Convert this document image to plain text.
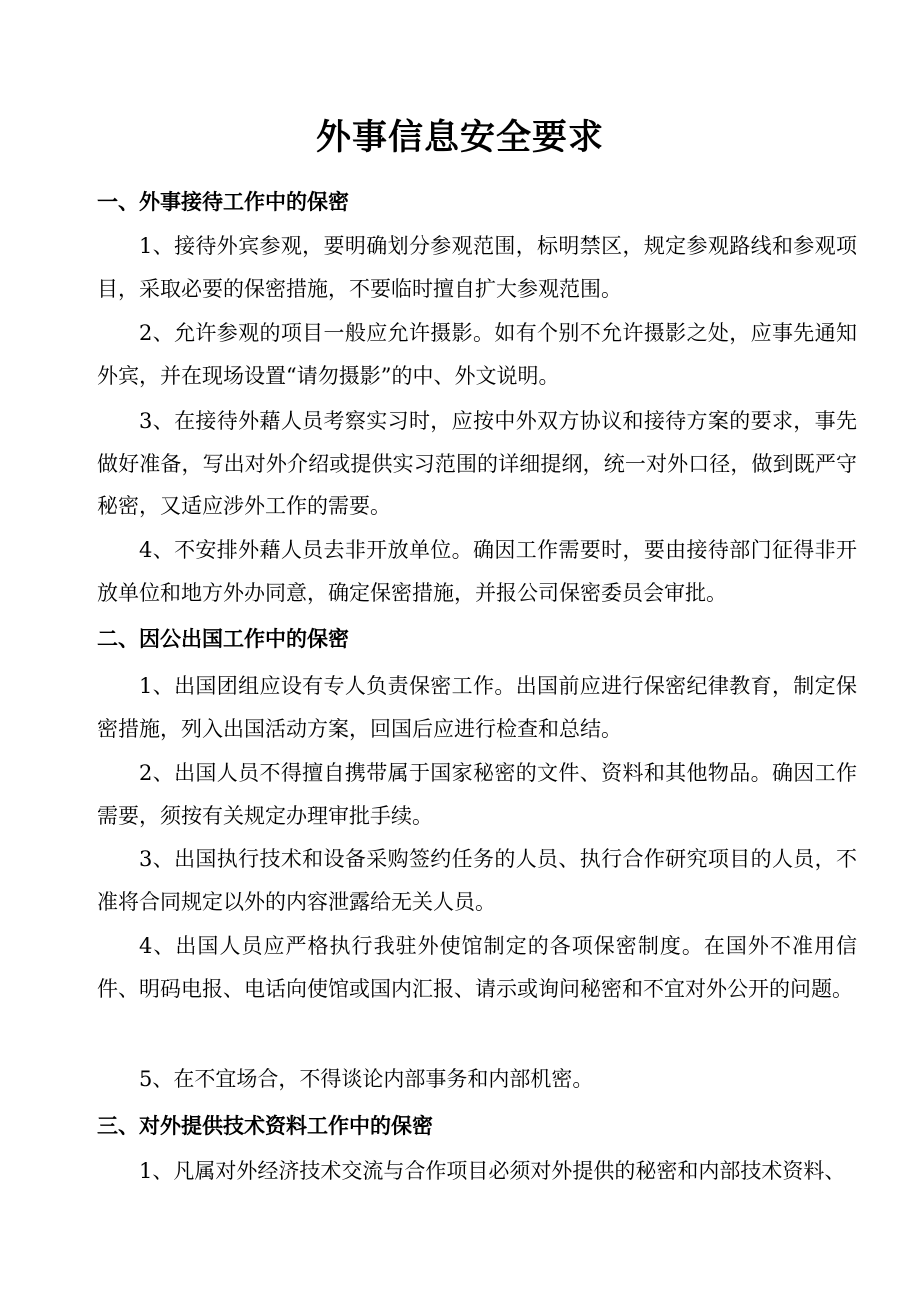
外事信息安全要求
一、外事接待工作中的保密
1、接待外宾参观，要明确划分参观范围，标明禁区，规定参观路线和参观项目，采取必要的保密措施，不要临时擅自扩大参观范围。
2、允许参观的项目一般应允许摄影。如有个别不允许摄影之处，应事先通知外宾，并在现场设置“请勿摄影”的中、外文说明。
3、在接待外藉人员考察实习时，应按中外双方协议和接待方案的要求，事先做好准备，写出对外介绍或提供实习范围的详细提纲，统一对外口径，做到既严守秘密，又适应涉外工作的需要。
4、不安排外藉人员去非开放单位。确因工作需要时，要由接待部门征得非开放单位和地方外办同意，确定保密措施，并报公司保密委员会审批。
二、因公出国工作中的保密
1、出国团组应设有专人负责保密工作。出国前应进行保密纪律教育，制定保密措施，列入出国活动方案，回国后应进行检查和总结。
2、出国人员不得擅自携带属于国家秘密的文件、资料和其他物品。确因工作需要，须按有关规定办理审批手续。
3、出国执行技术和设备采购签约任务的人员、执行合作研究项目的人员，不准将合同规定以外的内容泄露给无关人员。
4、出国人员应严格执行我驻外使馆制定的各项保密制度。在国外不准用信件、明码电报、电话向使馆或国内汇报、请示或询问秘密和不宜对外公开的问题。
5、在不宜场合，不得谈论内部事务和内部机密。
三、对外提供技术资料工作中的保密
1、凡属对外经济技术交流与合作项目必须对外提供的秘密和内部技术资料、
